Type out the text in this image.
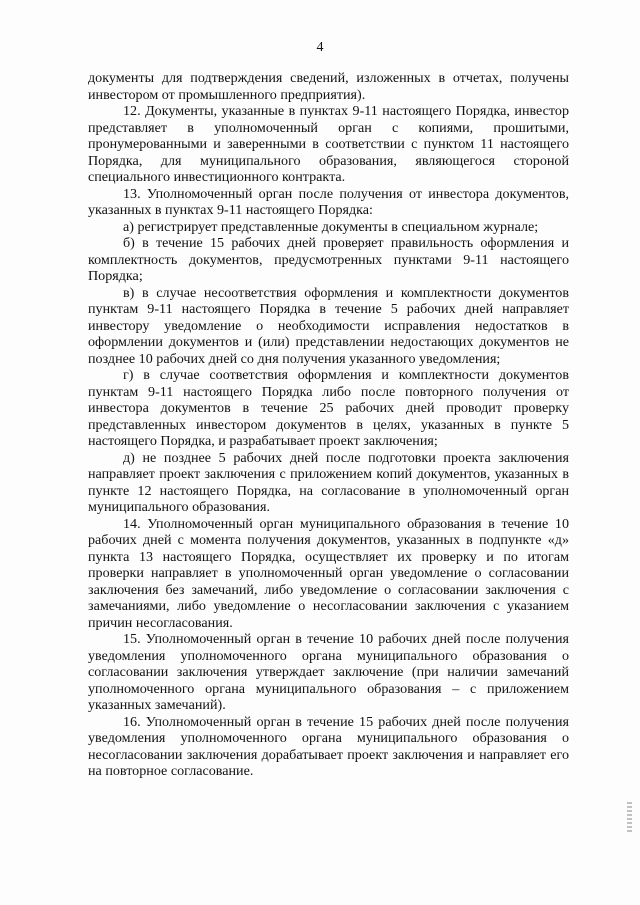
4

документы для подтверждения сведений, изложенных в отчетах, получены инвестором от промышленного предприятия).

12. Документы, указанные в пунктах 9-11 настоящего Порядка, инвестор представляет в уполномоченный орган с копиями, прошитыми, пронумерованными и заверенными в соответствии с пунктом 11 настоящего Порядка, для муниципального образования, являющегося стороной специального инвестиционного контракта.

13. Уполномоченный орган после получения от инвестора документов, указанных в пунктах 9-11 настоящего Порядка:

а) регистрирует представленные документы в специальном журнале;

б) в течение 15 рабочих дней проверяет правильность оформления и комплектность документов, предусмотренных пунктами 9-11 настоящего Порядка;

в) в случае несоответствия оформления и комплектности документов пунктам 9-11 настоящего Порядка в течение 5 рабочих дней направляет инвестору уведомление о необходимости исправления недостатков в оформлении документов и (или) представлении недостающих документов не позднее 10 рабочих дней со дня получения указанного уведомления;

г) в случае соответствия оформления и комплектности документов пунктам 9-11 настоящего Порядка либо после повторного получения от инвестора документов в течение 25 рабочих дней проводит проверку представленных инвестором документов в целях, указанных в пункте 5 настоящего Порядка, и разрабатывает проект заключения;

д) не позднее 5 рабочих дней после подготовки проекта заключения направляет проект заключения с приложением копий документов, указанных в пункте 12 настоящего Порядка, на согласование в уполномоченный орган муниципального образования.

14. Уполномоченный орган муниципального образования в течение 10 рабочих дней с момента получения документов, указанных в подпункте «д» пункта 13 настоящего Порядка, осуществляет их проверку и по итогам проверки направляет в уполномоченный орган уведомление о согласовании заключения без замечаний, либо уведомление о согласовании заключения с замечаниями, либо уведомление о несогласовании заключения с указанием причин несогласования.

15. Уполномоченный орган в течение 10 рабочих дней после получения уведомления уполномоченного органа муниципального образования о согласовании заключения утверждает заключение (при наличии замечаний уполномоченного органа муниципального образования – с приложением указанных замечаний).

16. Уполномоченный орган в течение 15 рабочих дней после получения уведомления уполномоченного органа муниципального образования о несогласовании заключения дорабатывает проект заключения и направляет его на повторное согласование.
